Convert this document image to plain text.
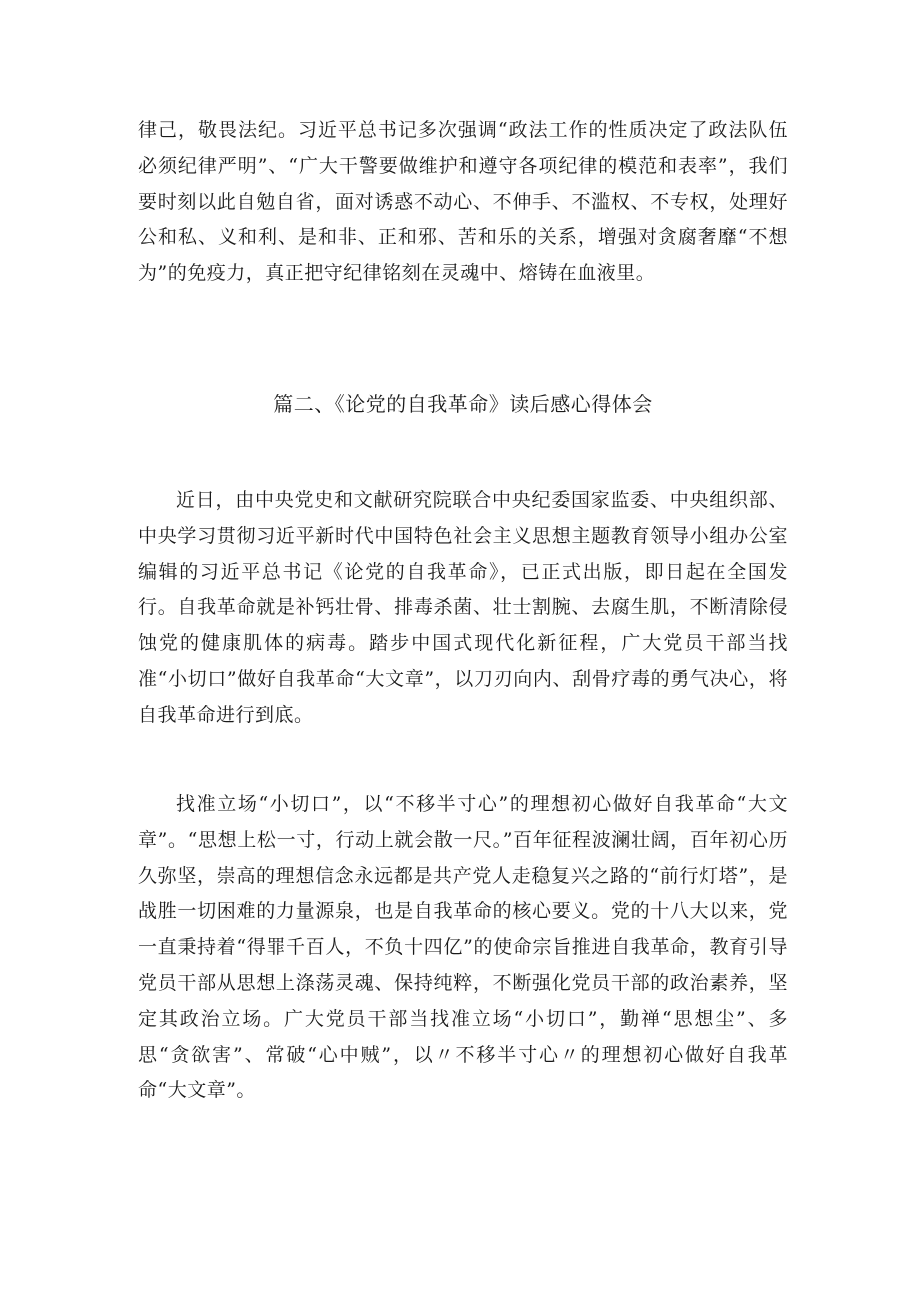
律己，敬畏法纪。习近平总书记多次强调“政法工作的性质决定了政法队伍必须纪律严明”、“广大干警要做维护和遵守各项纪律的模范和表率”，我们要时刻以此自勉自省，面对诱惑不动心、不伸手、不滥权、不专权，处理好公和私、义和利、是和非、正和邪、苦和乐的关系，增强对贪腐奢靡“不想为”的免疫力，真正把守纪律铭刻在灵魂中、熔铸在血液里。

篇二、《论党的自我革命》读后感心得体会

近日，由中央党史和文献研究院联合中央纪委国家监委、中央组织部、中央学习贯彻习近平新时代中国特色社会主义思想主题教育领导小组办公室编辑的习近平总书记《论党的自我革命》，已正式出版，即日起在全国发行。自我革命就是补钙壮骨、排毒杀菌、壮士割腕、去腐生肌，不断清除侵蚀党的健康肌体的病毒。踏步中国式现代化新征程，广大党员干部当找准“小切口”做好自我革命“大文章”，以刀刃向内、刮骨疗毒的勇气决心，将自我革命进行到底。

找准立场“小切口”，以“不移半寸心”的理想初心做好自我革命“大文章”。“思想上松一寸，行动上就会散一尺。”百年征程波澜壮阔，百年初心历久弥坚，崇高的理想信念永远都是共产党人走稳复兴之路的“前行灯塔”，是战胜一切困难的力量源泉，也是自我革命的核心要义。党的十八大以来，党一直秉持着“得罪千百人，不负十四亿”的使命宗旨推进自我革命，教育引导党员干部从思想上涤荡灵魂、保持纯粹，不断强化党员干部的政治素养，坚定其政治立场。广大党员干部当找准立场“小切口”，勤禅“思想尘”、多思“贪欲害”、常破“心中贼”，以〃不移半寸心〃的理想初心做好自我革命“大文章”。
